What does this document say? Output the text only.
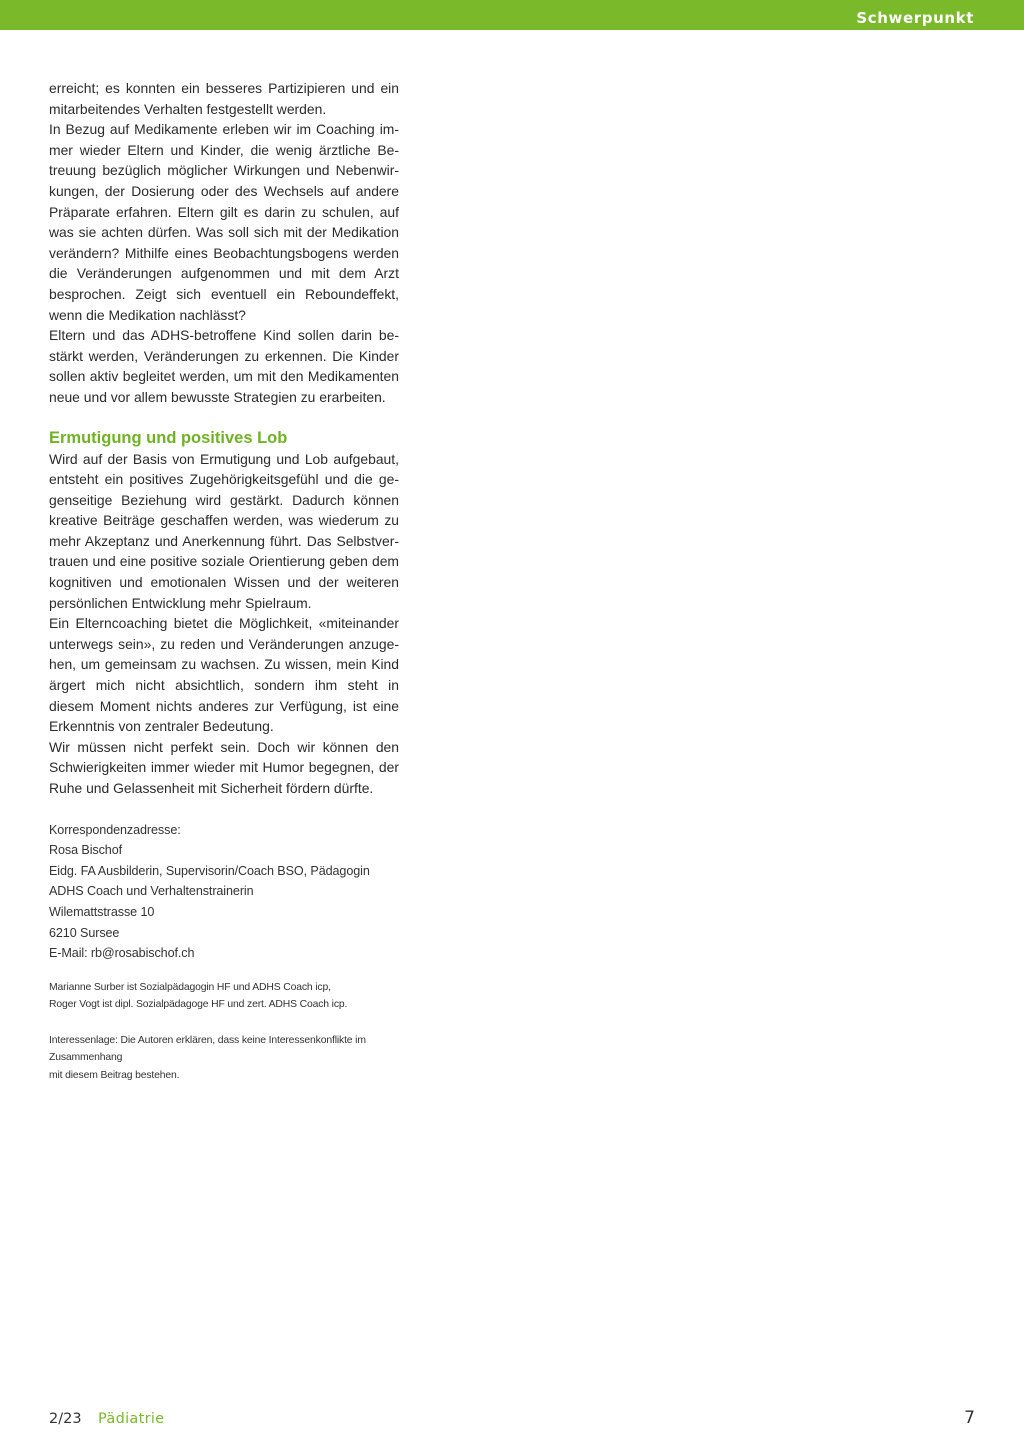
Schwerpunkt

erreicht; es konnten ein besseres Partizipieren und ein mitarbeitendes Verhalten festgestellt werden.

In Bezug auf Medikamente erleben wir im Coaching immer wieder Eltern und Kinder, die wenig ärztliche Betreuung bezüglich möglicher Wirkungen und Nebenwirkungen, der Dosierung oder des Wechsels auf andere Präparate erfahren. Eltern gilt es darin zu schulen, auf was sie achten dürfen. Was soll sich mit der Medikation verändern? Mithilfe eines Beobachtungsbogens werden die Veränderungen aufgenommen und mit dem Arzt besprochen. Zeigt sich eventuell ein Reboundeffekt, wenn die Medikation nachlässt?

Eltern und das ADHS-betroffene Kind sollen darin bestärkt werden, Veränderungen zu erkennen. Die Kinder sollen aktiv begleitet werden, um mit den Medikamenten neue und vor allem bewusste Strategien zu erarbeiten.

Ermutigung und positives Lob

Wird auf der Basis von Ermutigung und Lob aufgebaut, entsteht ein positives Zugehörigkeitsgefühl und die gegenseitige Beziehung wird gestärkt. Dadurch können kreative Beiträge geschaffen werden, was wiederum zu mehr Akzeptanz und Anerkennung führt. Das Selbstvertrauen und eine positive soziale Orientierung geben dem kognitiven und emotionalen Wissen und der weiteren persönlichen Entwicklung mehr Spielraum.

Ein Elterncoaching bietet die Möglichkeit, «miteinander unterwegs sein», zu reden und Veränderungen anzugehen, um gemeinsam zu wachsen. Zu wissen, mein Kind ärgert mich nicht absichtlich, sondern ihm steht in diesem Moment nichts anderes zur Verfügung, ist eine Erkenntnis von zentraler Bedeutung.

Wir müssen nicht perfekt sein. Doch wir können den Schwierigkeiten immer wieder mit Humor begegnen, der Ruhe und Gelassenheit mit Sicherheit fördern dürfte.

Korrespondenzadresse:
Rosa Bischof
Eidg. FA Ausbilderin, Supervisorin/Coach BSO, Pädagogin
ADHS Coach und Verhaltenstrainerin
Wilemattstrasse 10
6210 Sursee
E-Mail: rb@rosabischof.ch
Marianne Surber ist Sozialpädagogin HF und ADHS Coach icp,
Roger Vogt ist dipl. Sozialpädagoge HF und zert. ADHS Coach icp.
Interessenlage: Die Autoren erklären, dass keine Interessenkonflikte im Zusammenhang
mit diesem Beitrag bestehen.
2/23 Pädiatrie	7
